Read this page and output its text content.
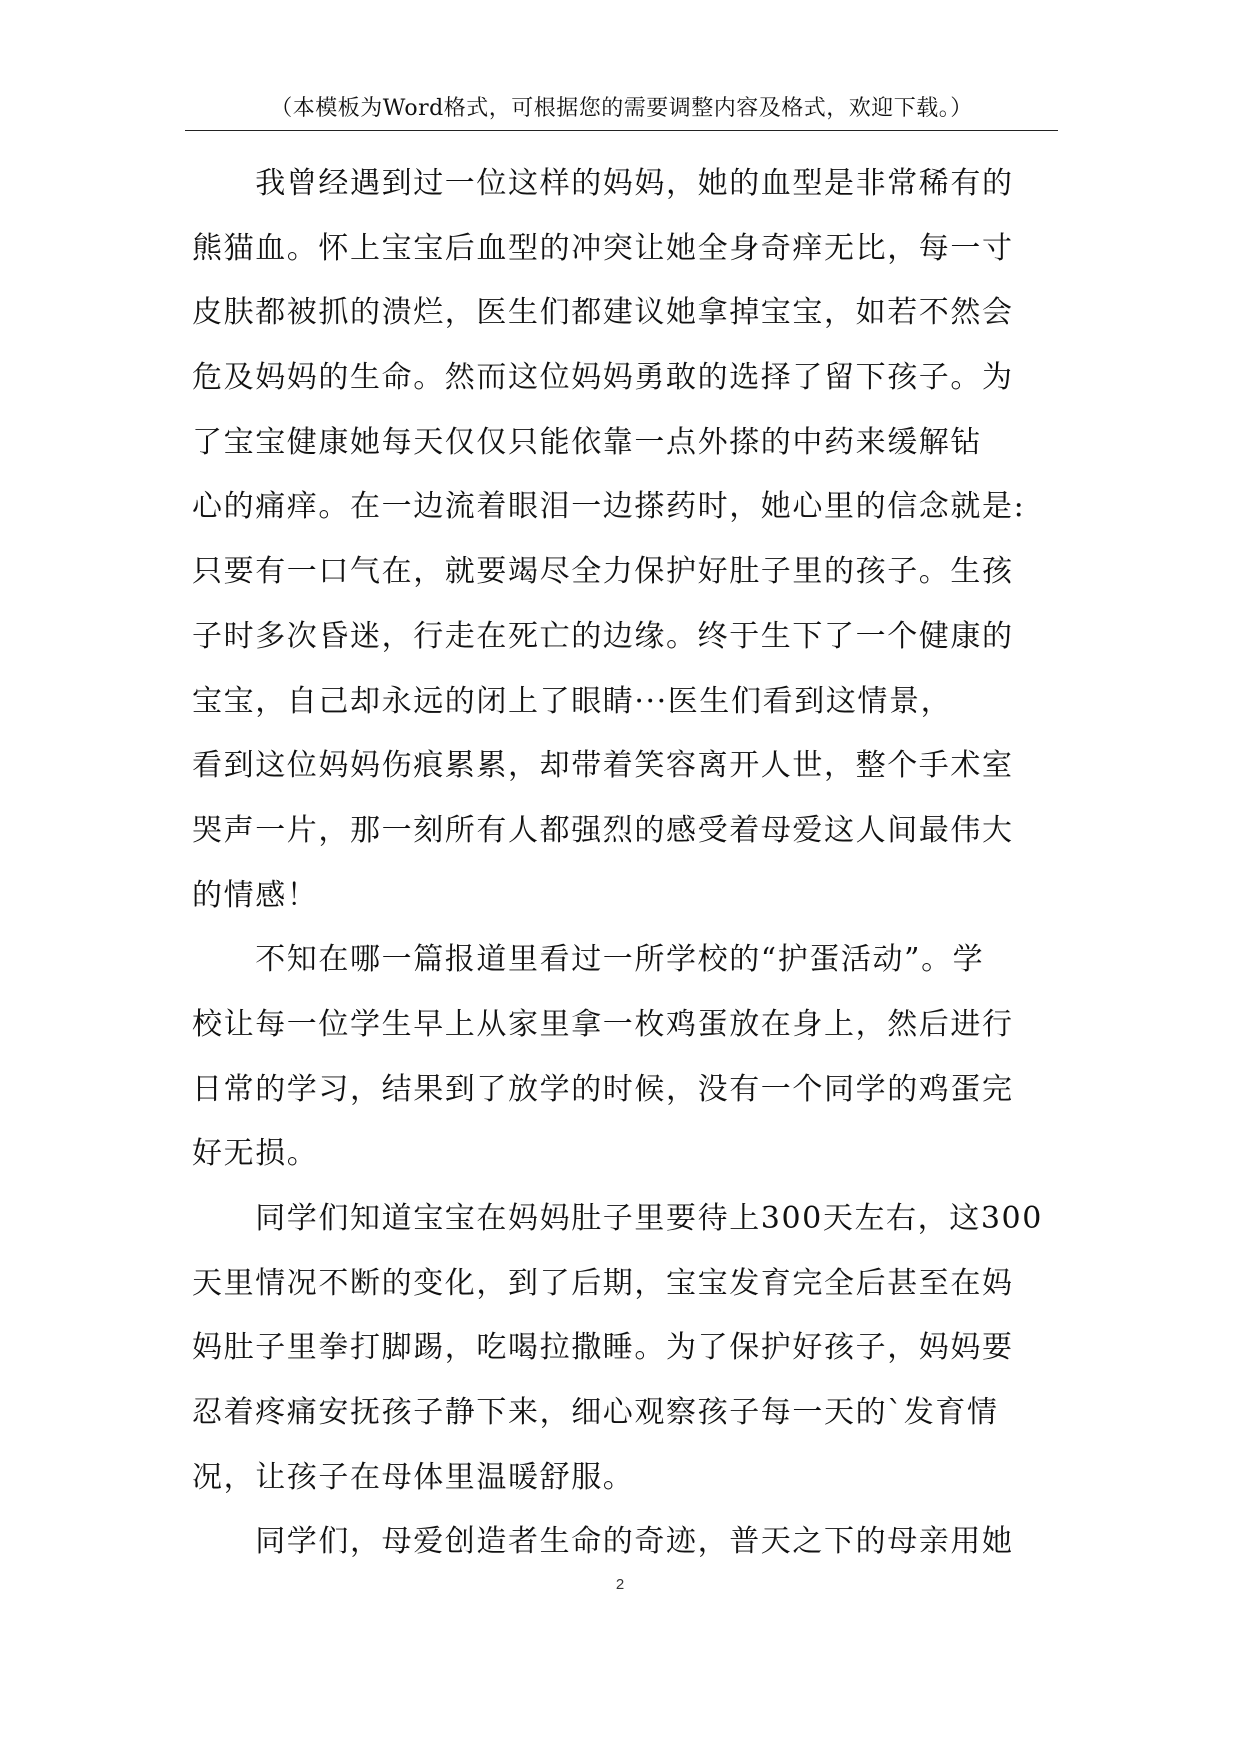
（本模板为Word格式，可根据您的需要调整内容及格式，欢迎下载。）
　　我曾经遇到过一位这样的妈妈，她的血型是非常稀有的
熊猫血。怀上宝宝后血型的冲突让她全身奇痒无比，每一寸
皮肤都被抓的溃烂，医生们都建议她拿掉宝宝，如若不然会
危及妈妈的生命。然而这位妈妈勇敢的选择了留下孩子。为
了宝宝健康她每天仅仅只能依靠一点外搽的中药来缓解钻
心的痛痒。在一边流着眼泪一边搽药时，她心里的信念就是:
只要有一口气在，就要竭尽全力保护好肚子里的孩子。生孩
子时多次昏迷，行走在死亡的边缘。终于生下了一个健康的
宝宝，自己却永远的闭上了眼睛···医生们看到这情景，
看到这位妈妈伤痕累累，却带着笑容离开人世，整个手术室
哭声一片，那一刻所有人都强烈的感受着母爱这人间最伟大
的情感！
　　不知在哪一篇报道里看过一所学校的“护蛋活动”。学
校让每一位学生早上从家里拿一枚鸡蛋放在身上，然后进行
日常的学习，结果到了放学的时候，没有一个同学的鸡蛋完
好无损。
　　同学们知道宝宝在妈妈肚子里要待上300天左右，这300
天里情况不断的变化，到了后期，宝宝发育完全后甚至在妈
妈肚子里拳打脚踢，吃喝拉撒睡。为了保护好孩子，妈妈要
忍着疼痛安抚孩子静下来，细心观察孩子每一天的`发育情
况，让孩子在母体里温暖舒服。
　　同学们，母爱创造者生命的奇迹，普天之下的母亲用她
2
